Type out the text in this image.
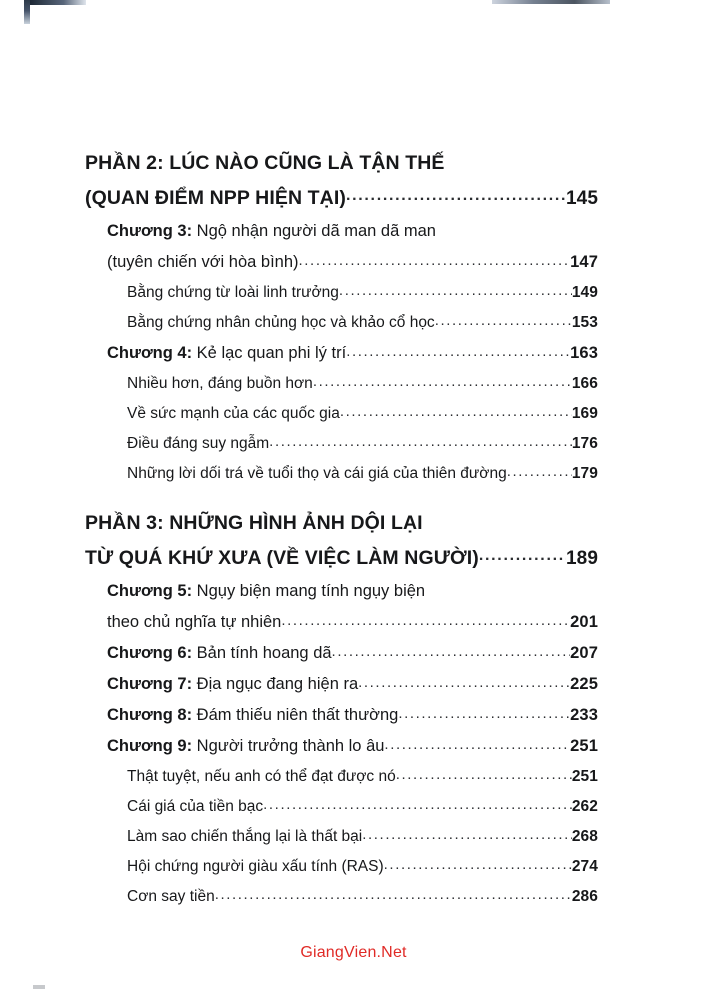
PHẦN 2: LÚC NÀO CŨNG LÀ TẬN THẾ
(QUAN ĐIỂM NPP HIỆN TẠI) .....	145
Chương 3: Ngộ nhận người dã man dã man
(tuyên chiến với hòa bình) .....	147
Bằng chứng từ loài linh trưởng .....	149
Bằng chứng nhân chủng học và khảo cổ học .....	153
Chương 4: Kẻ lạc quan phi lý trí .....	163
Nhiều hơn, đáng buồn hơn .....	166
Về sức mạnh của các quốc gia .....	169
Điều đáng suy ngẫm .....	176
Những lời dối trá về tuổi thọ và cái giá của thiên đường .....	179
PHẦN 3: NHỮNG HÌNH ẢNH DỘI LẠI
TỪ QUÁ KHỨ XƯA (VỀ VIỆC LÀM NGƯỜI) .....	189
Chương 5: Ngụy biện mang tính ngụy biện
theo chủ nghĩa tự nhiên .....	201
Chương 6: Bản tính hoang dã .....	207
Chương 7: Địa ngục đang hiện ra .....	225
Chương 8: Đám thiếu niên thất thường .....	233
Chương 9: Người trưởng thành lo âu .....	251
Thật tuyệt, nếu anh có thể đạt được nó .....	251
Cái giá của tiền bạc .....	262
Làm sao chiến thắng lại là thất bại .....	268
Hội chứng người giàu xấu tính (RAS) .....	274
Cơn say tiền .....	286
GiangVien.Net
